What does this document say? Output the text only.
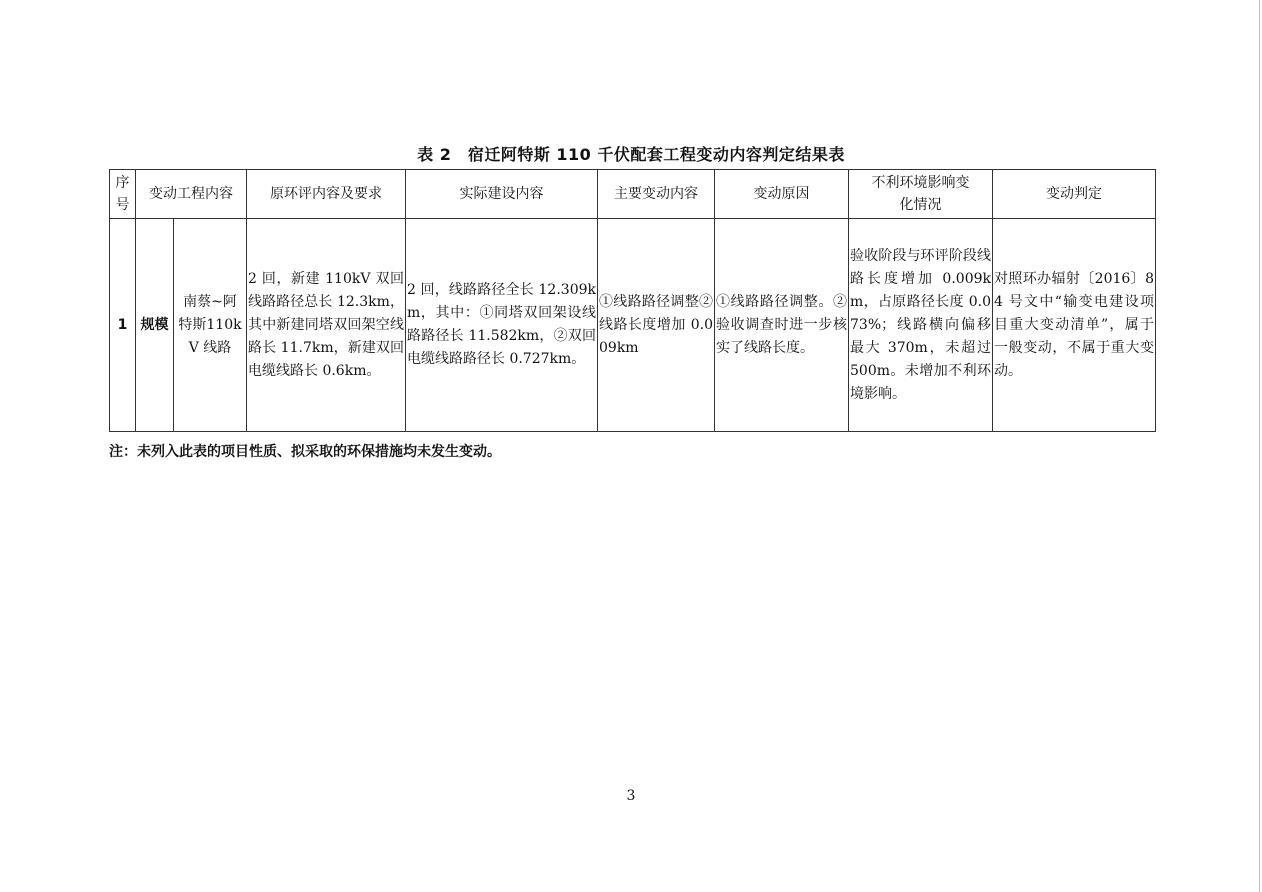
表 2　宿迁阿特斯 110 千伏配套工程变动内容判定结果表
序号	变动工程内容		原环评内容及要求	实际建设内容	主要变动内容	变动原因	不利环境影响变化情况	变动判定
1	规模	南蔡~阿特斯110kV 线路	2 回，新建 110kV 双回线路路径总长 12.3km，其中新建同塔双回架空线路长 11.7km，新建双回电缆线路长 0.6km。	2 回，线路路径全长 12.309km，其中：①同塔双回架设线路路径长 11.582km，②双回电缆线路路径长 0.727km。	①线路路径调整②线路长度增加 0.009km	①线路路径调整。②验收调查时进一步核实了线路长度。	验收阶段与环评阶段线路长度增加 0.009km，占原路径长度 0.073%；线路横向偏移最大 370m，未超过 500m。未增加不利环境影响。	对照环办辐射〔2016〕84 号文中“输变电建设项目重大变动清单”，属于一般变动，不属于重大变动。
注：未列入此表的项目性质、拟采取的环保措施均未发生变动。
3
